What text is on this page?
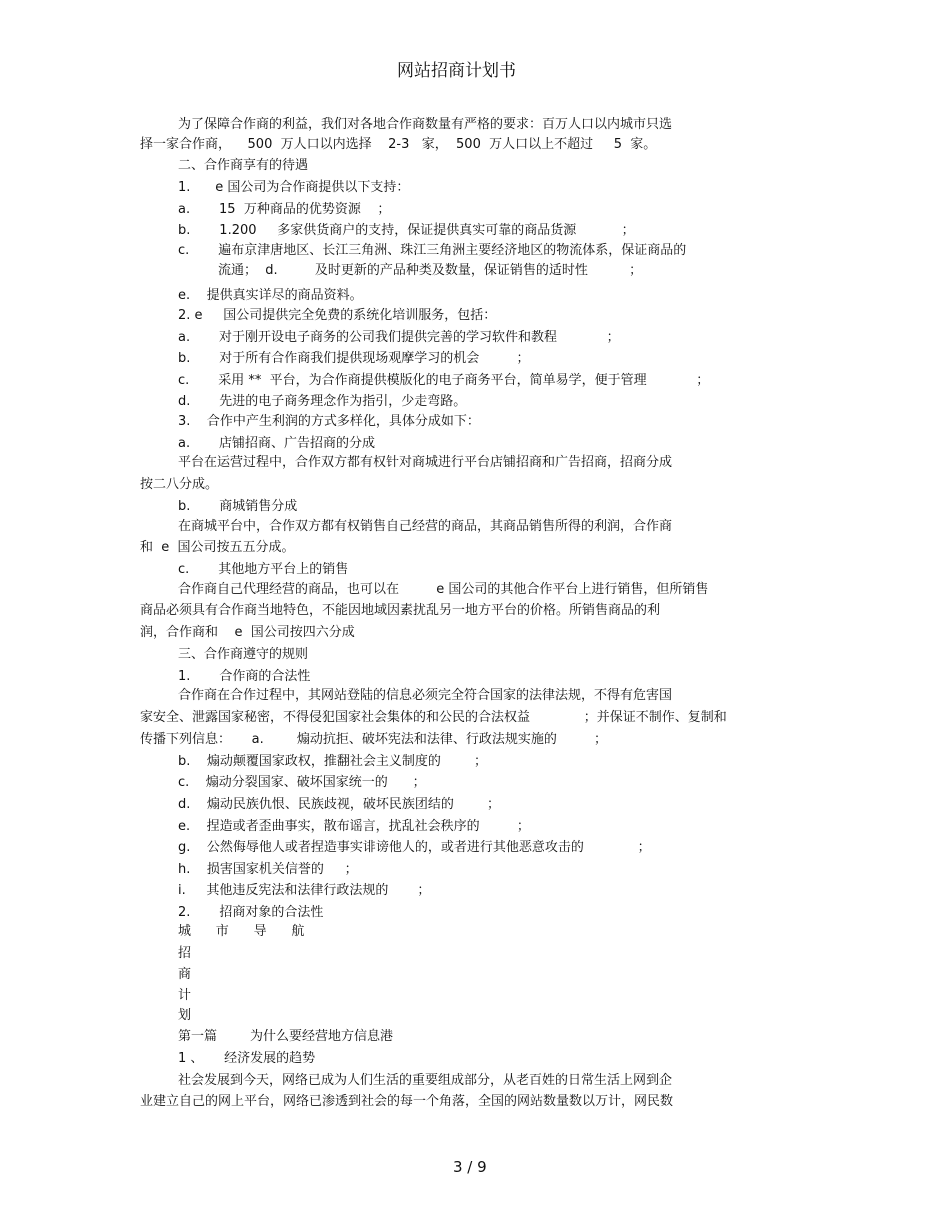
网站招商计划书
为了保障合作商的利益，我们对各地合作商数量有严格的要求：百万人口以内城市只选
择一家合作商，    500  万人口以内选择    2-3   家，  500  万人口以上不超过     5  家。
二、合作商享有的待遇
1.      e 国公司为合作商提供以下支持：
a.       15  万种商品的优势资源    ；
b.       1.200     多家供货商户的支持，保证提供真实可靠的商品货源           ；
c.       遍布京津唐地区、长江三角洲、珠江三角洲主要经济地区的物流体系，保证商品的
流通；  d.         及时更新的产品种类及数量，保证销售的适时性          ；
e.    提供真实详尽的商品资料。
2. e     国公司提供完全免费的系统化培训服务，包括：
a.       对于刚开设电子商务的公司我们提供完善的学习软件和教程            ；
b.       对于所有合作商我们提供现场观摩学习的机会         ；
c.       采用 **  平台，为合作商提供模版化的电子商务平台，简单易学，便于管理            ；
d.       先进的电子商务理念作为指引，少走弯路。
3.    合作中产生利润的方式多样化，具体分成如下：
a.       店铺招商、广告招商的分成
平台在运营过程中，合作双方都有权针对商城进行平台店铺招商和广告招商，招商分成
按二八分成。
b.       商城销售分成
在商城平台中，合作双方都有权销售自己经营的商品，其商品销售所得的利润，合作商
和  e  国公司按五五分成。
c.       其他地方平台上的销售
合作商自己代理经营的商品，也可以在         e 国公司的其他合作平台上进行销售，但所销售
商品必须具有合作商当地特色，不能因地域因素扰乱另一地方平台的价格。所销售商品的利
润，合作商和    e  国公司按四六分成
三、合作商遵守的规则
1.       合作商的合法性
合作商在合作过程中，其网站登陆的信息必须完全符合国家的法律法规，不得有危害国
家安全、泄露国家秘密，不得侵犯国家社会集体的和公民的合法权益             ；并保证不制作、复制和
传播下列信息：     a.        煽动抗拒、破坏宪法和法律、行政法规实施的         ；
b.    煽动颠覆国家政权，推翻社会主义制度的        ；
c.    煽动分裂国家、破坏国家统一的      ；
d.    煽动民族仇恨、民族歧视，破坏民族团结的        ；
e.    捏造或者歪曲事实，散布谣言，扰乱社会秩序的         ；
g.    公然侮辱他人或者捏造事实诽谤他人的，或者进行其他恶意攻击的             ；
h.    损害国家机关信誉的     ；
i.     其他违反宪法和法律行政法规的       ；
2.       招商对象的合法性
城      市      导      航
招
商
计
划
第一篇        为什么要经营地方信息港
1 、     经济发展的趋势
社会发展到今天，网络已成为人们生活的重要组成部分，从老百姓的日常生活上网到企
业建立自己的网上平台，网络已渗透到社会的每一个角落，全国的网站数量数以万计，网民数
3 / 9
